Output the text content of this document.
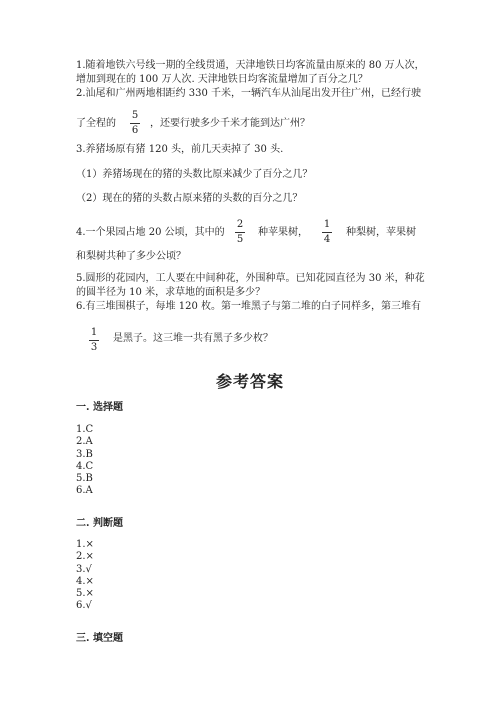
1.随着地铁六号线一期的全线贯通，天津地铁日均客流量由原来的 80 万人次，
增加到现在的 100 万人次. 天津地铁日均客流量增加了百分之几？
2.汕尾和广州两地相距约 330 千米，一辆汽车从汕尾出发开往广州，已经行驶
了全程的
5
6
，还要行驶多少千米才能到达广州？
3.养猪场原有猪 120 头，前几天卖掉了 30 头.
（1）养猪场现在的猪的头数比原来减少了百分之几？
（2）现在的猪的头数占原来猪的头数的百分之几？
4.一个果园占地 20 公顷，其中的
2
5
种苹果树，
1
4
种梨树，苹果树
和梨树共种了多少公顷？
5.圆形的花园内，工人要在中间种花，外围种草。已知花园直径为 30 米，种花
的圆半径为 10 米，求草地的面积是多少？
6.有三堆围棋子，每堆 120 枚。第一堆黑子与第二堆的白子同样多，第三堆有
1
3
是黑子。这三堆一共有黑子多少枚？
参考答案
一. 选择题
1.C
2.A
3.B
4.C
5.B
6.A
二. 判断题
1.×
2.×
3.√
4.×
5.×
6.√
三. 填空题
